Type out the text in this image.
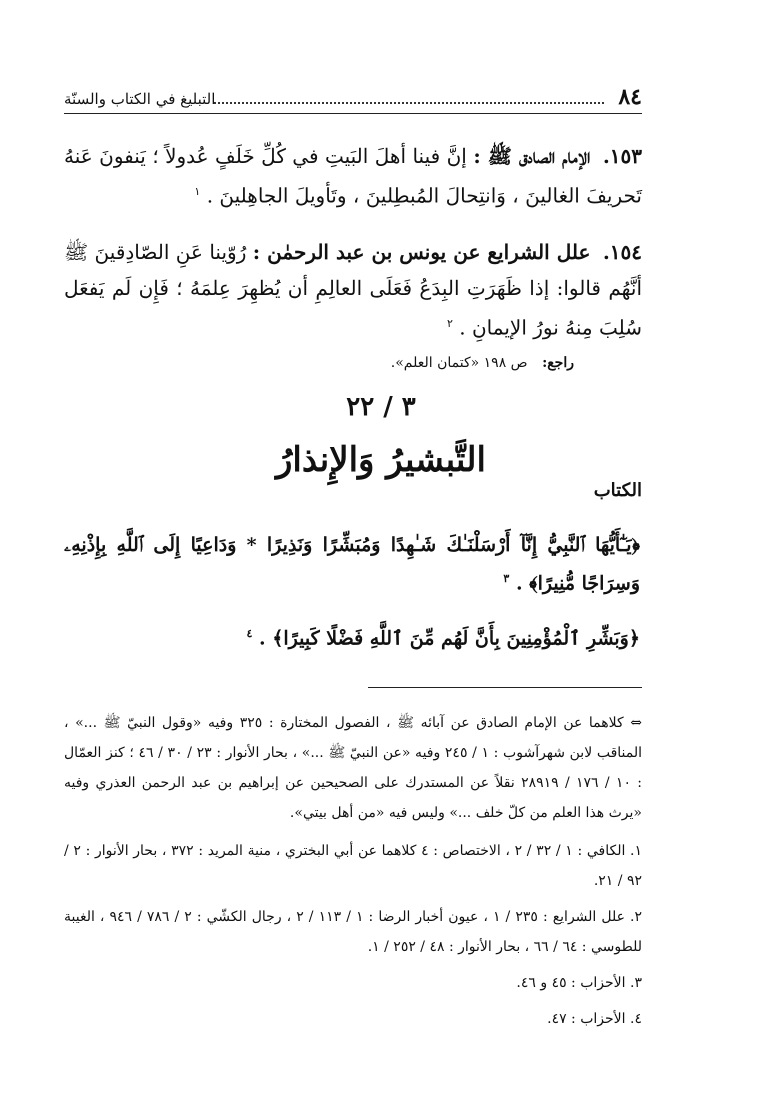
٨٤
التبليغ في الكتاب والسنّة

١٥٣. الإمام الصادق ﷺ : إنَّ فينا أهلَ البَيتِ في كُلِّ خَلَفٍ عُدولاً ؛ يَنفونَ عَنهُ تَحريفَ الغالينَ ، وَانتِحالَ المُبطِلينَ ، وتَأويلَ الجاهِلينَ . $^١$

١٥٤. علل الشرايع عن يونس بن عبد الرحمٰن : رُوّينا عَنِ الصّادِقينَ ﷺ أنَّهُم قالوا: إذا ظَهَرَتِ البِدَعُ فَعَلَى العالِمِ أن يُظهِرَ عِلمَهُ ؛ فَإِن لَم يَفعَل سُلِبَ مِنهُ نورُ الإيمانِ . $^٢$

راجع: ص ١٩٨ «كتمان العلم».
٣ / ٢٢
التَّبشيرُ وَالإِنذارُ
الكتاب

﴿يَـٰٓأَيُّهَا ٱلنَّبِيُّ إِنَّآ أَرْسَلْنَـٰكَ شَـٰهِدًا وَمُبَشِّرًا وَنَذِيرًا * وَدَاعِيًا إِلَى ٱللَّهِ بِإِذْنِهِۦ وَسِرَاجًا مُّنِيرًا﴾ . $^٣$

﴿وَبَشِّرِ ٱلْمُؤْمِنِينَ بِأَنَّ لَهُم مِّنَ ٱللَّهِ فَضْلًا كَبِيرًا﴾ . $^٤$

⇔ كلاهما عن الإمام الصادق عن آبائه ﷺ ، الفصول المختارة : ٣٢٥ وفيه «وقول النبيّ ﷺ ...» ، المناقب لابن شهرآشوب : ١ / ٢٤٥ وفيه «عن النبيّ ﷺ ...» ، بحار الأنوار : ٢٣ / ٣٠ / ٤٦ ؛ كنز العمّال : ١٠ / ١٧٦ / ٢٨٩١٩ نقلاً عن المستدرك على الصحيحين عن إبراهيم بن عبد الرحمن العذري وفيه «يرث هذا العلم من كلّ خلف ...» وليس فيه «من أهل بيتي».

١. الكافي : ١ / ٣٢ / ٢ ، الاختصاص : ٤ كلاهما عن أبي البختري ، منية المريد : ٣٧٢ ، بحار الأنوار : ٢ / ٩٢ / ٢١.

٢. علل الشرايع : ٢٣٥ / ١ ، عيون أخبار الرضا : ١ / ١١٣ / ٢ ، رجال الكشّي : ٢ / ٧٨٦ / ٩٤٦ ، الغيبة للطوسي : ٦٤ / ٦٦ ، بحار الأنوار : ٤٨ / ٢٥٢ / ١.

٣. الأحزاب : ٤٥ و ٤٦.

٤. الأحزاب : ٤٧.
